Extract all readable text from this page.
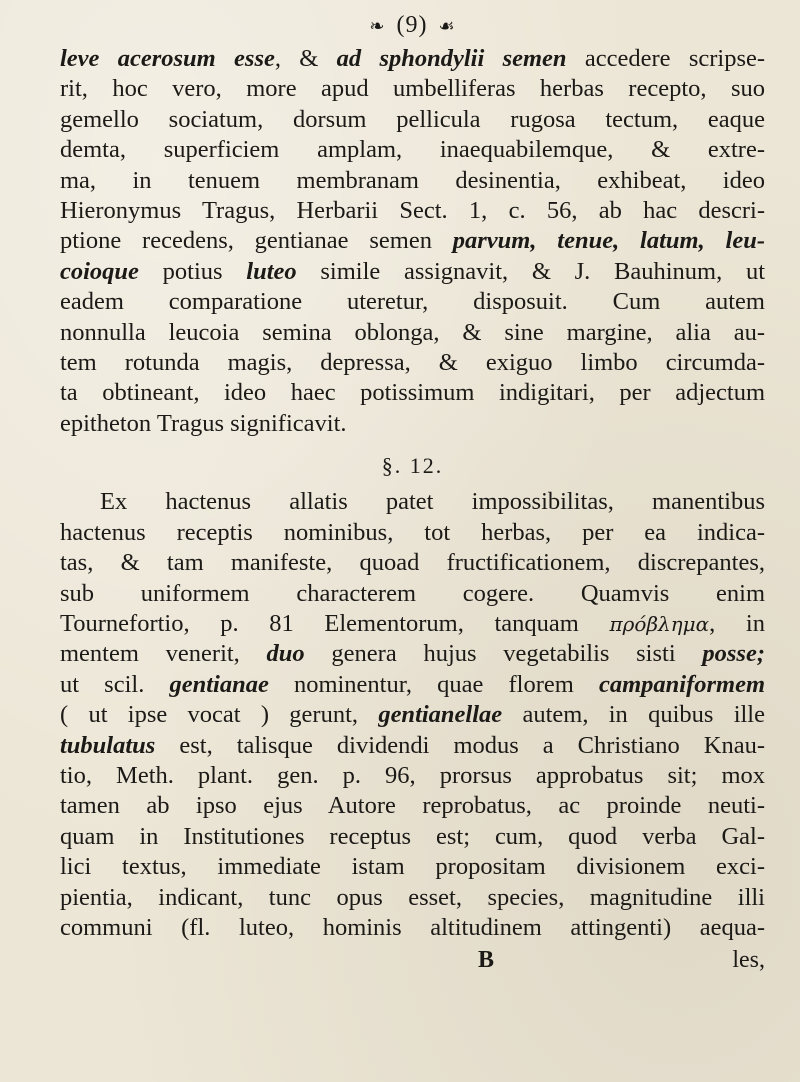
❧ (9) ☙
leve acerosum esse, & ad sphondylii semen accedere scripse-
rit, hoc vero, more apud umbelliferas herbas recepto, suo
gemello sociatum, dorsum pellicula rugosa tectum, eaque
demta, superficiem amplam, inaequabilemque, & extre-
ma, in tenuem membranam desinentia, exhibeat, ideo
Hieronymus Tragus, Herbarii Sect. 1, c. 56, ab hac descri-
ptione recedens, gentianae semen parvum, tenue, latum, leu-
coioque potius luteo simile assignavit, & J. Bauhinum, ut
eadem comparatione uteretur, disposuit. Cum autem
nonnulla leucoia semina oblonga, & sine margine, alia au-
tem rotunda magis, depressa, & exiguo limbo circumda-
ta obtineant, ideo haec potissimum indigitari, per adjectum
epitheton Tragus significavit.
§. 12.
Ex hactenus allatis patet impossibilitas, manentibus
hactenus receptis nominibus, tot herbas, per ea indica-
tas, & tam manifeste, quoad fructificationem, discrepantes,
sub uniformem characterem cogere. Quamvis enim
Tournefortio, p. 81 Elementorum, tanquam πρόβλημα, in
mentem venerit, duo genera hujus vegetabilis sisti posse;
ut scil. gentianae nominentur, quae florem campaniformem
( ut ipse vocat ) gerunt, gentianellae autem, in quibus ille
tubulatus est, talisque dividendi modus a Christiano Knau-
tio, Meth. plant. gen. p. 96, prorsus approbatus sit; mox
tamen ab ipso ejus Autore reprobatus, ac proinde neuti-
quam in Institutiones receptus est; cum, quod verba Gal-
lici textus, immediate istam propositam divisionem exci-
pientia, indicant, tunc opus esset, species, magnitudine illi
communi (fl. luteo, hominis altitudinem attingenti) aequa-
B	les,
